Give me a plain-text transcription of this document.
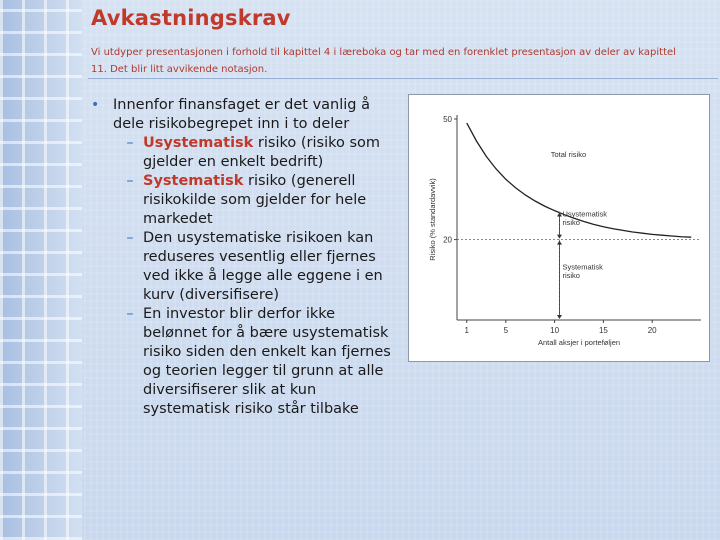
Avkastningskrav

Vi utdyper presentasjonen i forhold til kapittel 4 i læreboka og tar med en forenklet presentasjon av deler av kapittel 11. Det blir litt avvikende notasjon.

• Innenfor finansfaget er det vanlig å dele risikobegrepet inn i to deler
– Usystematisk risiko (risiko som gjelder en enkelt bedrift)
– Systematisk risiko (generell risikokilde som gjelder for hele markedet
– Den usystematiske risikoen kan reduseres vesentlig eller fjernes ved ikke å legge alle eggene i en kurv (diversifisere)
– En investor blir derfor ikke belønnet for å bære usystematisk risiko siden den enkelt kan fjernes og teorien legger til grunn at alle diversifiserer slik at kun systematisk risiko står tilbake
20
50
1	5	10	15	20
Antall aksjer i porteføljen
Risiko (% standardavvik)
Total risiko
Usystematisk
risiko
Systematisk
risiko
